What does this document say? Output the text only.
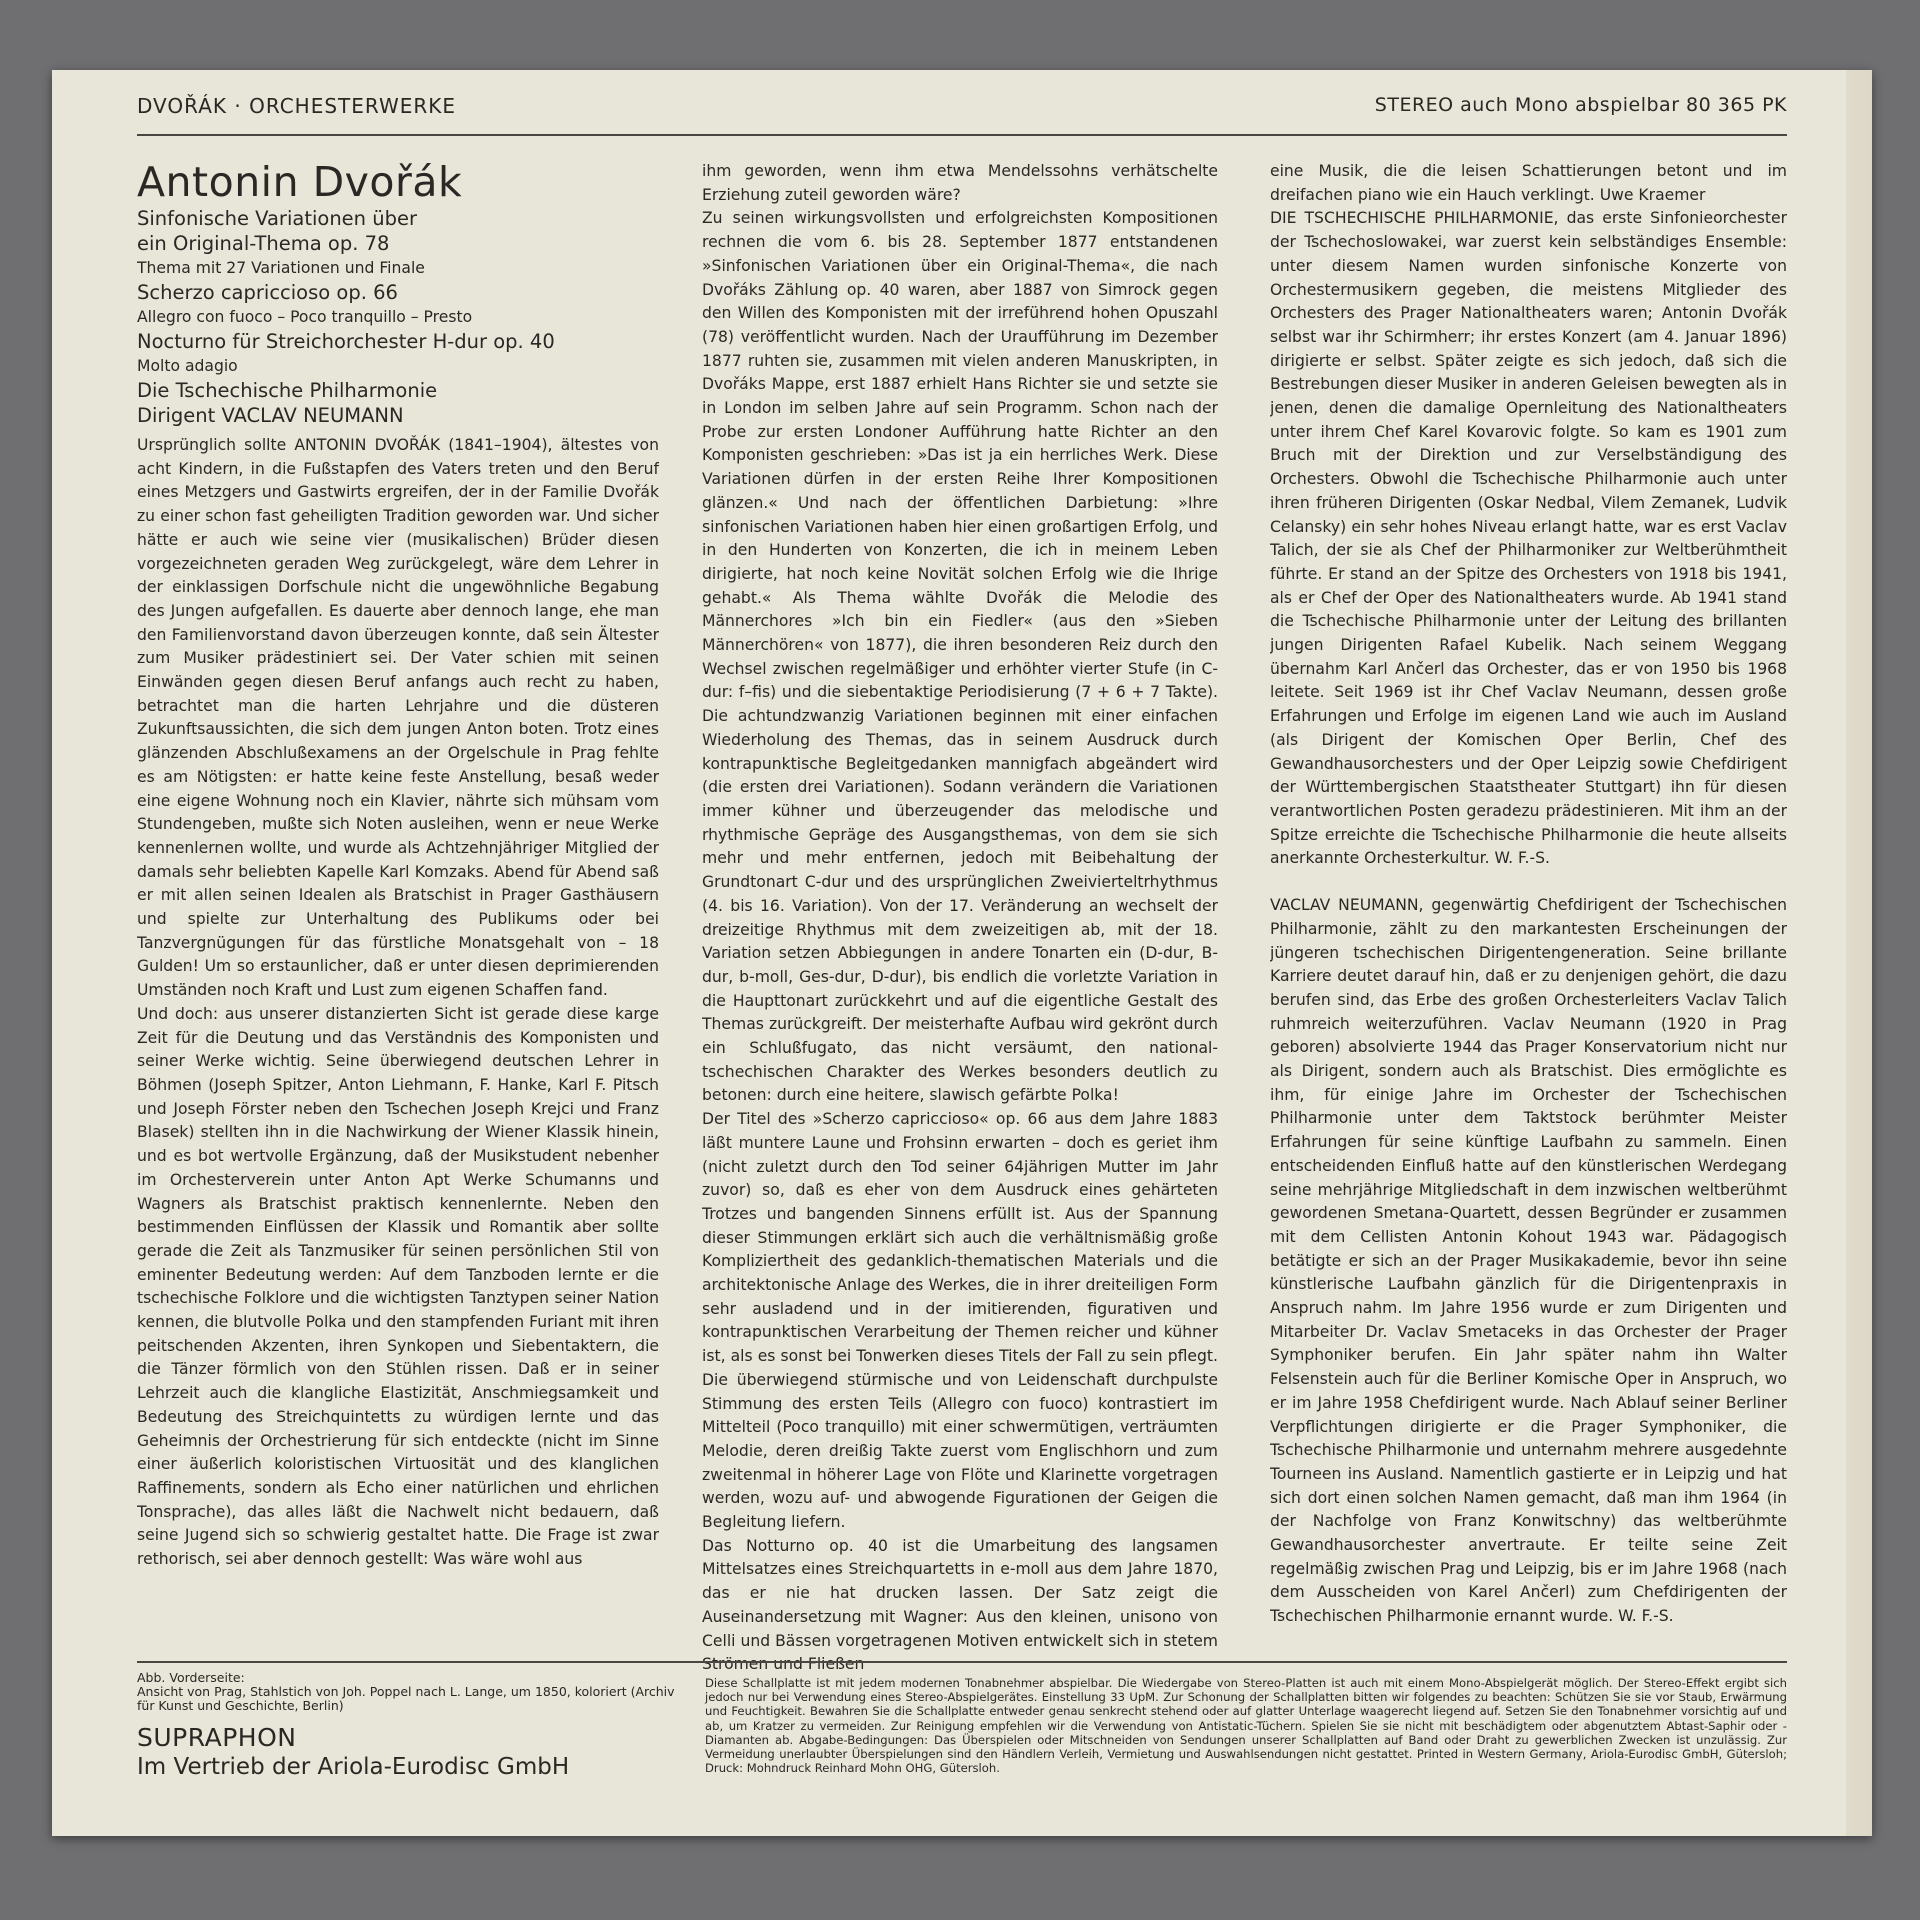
DVOŘÁK · ORCHESTERWERKE	STEREO auch Mono abspielbar 80 365 PK

Antonin Dvořák

Sinfonische Variationen über

ein Original-Thema op. 78

Thema mit 27 Variationen und Finale

Scherzo capriccioso op. 66

Allegro con fuoco – Poco tranquillo – Presto

Nocturno für Streichorchester H-dur op. 40

Molto adagio

Die Tschechische Philharmonie

Dirigent VACLAV NEUMANN

Ursprünglich sollte ANTONIN DVOŘÁK (1841–1904), ältestes von acht Kindern, in die Fußstapfen des Vaters treten und den Beruf eines Metzgers und Gastwirts ergreifen, der in der Familie Dvořák zu einer schon fast geheiligten Tradition geworden war. Und sicher hätte er auch wie seine vier (musikalischen) Brüder diesen vorgezeichneten geraden Weg zurückgelegt, wäre dem Lehrer in der einklassigen Dorfschule nicht die ungewöhnliche Begabung des Jungen aufgefallen. Es dauerte aber dennoch lange, ehe man den Familienvorstand davon überzeugen konnte, daß sein Ältester zum Musiker prädestiniert sei. Der Vater schien mit seinen Einwänden gegen diesen Beruf anfangs auch recht zu haben, betrachtet man die harten Lehrjahre und die düsteren Zukunftsaussichten, die sich dem jungen Anton boten. Trotz eines glänzenden Abschlußexamens an der Orgelschule in Prag fehlte es am Nötigsten: er hatte keine feste Anstellung, besaß weder eine eigene Wohnung noch ein Klavier, nährte sich mühsam vom Stundengeben, mußte sich Noten ausleihen, wenn er neue Werke kennenlernen wollte, und wurde als Achtzehnjähriger Mitglied der damals sehr beliebten Kapelle Karl Komzaks. Abend für Abend saß er mit allen seinen Idealen als Bratschist in Prager Gasthäusern und spielte zur Unterhaltung des Publikums oder bei Tanzvergnügungen für das fürstliche Monatsgehalt von – 18 Gulden! Um so erstaunlicher, daß er unter diesen deprimierenden Umständen noch Kraft und Lust zum eigenen Schaffen fand.

Und doch: aus unserer distanzierten Sicht ist gerade diese karge Zeit für die Deutung und das Verständnis des Komponisten und seiner Werke wichtig. Seine überwiegend deutschen Lehrer in Böhmen (Joseph Spitzer, Anton Liehmann, F. Hanke, Karl F. Pitsch und Joseph Förster neben den Tschechen Joseph Krejci und Franz Blasek) stellten ihn in die Nachwirkung der Wiener Klassik hinein, und es bot wertvolle Ergänzung, daß der Musikstudent nebenher im Orchesterverein unter Anton Apt Werke Schumanns und Wagners als Bratschist praktisch kennenlernte. Neben den bestimmenden Einflüssen der Klassik und Romantik aber sollte gerade die Zeit als Tanzmusiker für seinen persönlichen Stil von eminenter Bedeutung werden: Auf dem Tanzboden lernte er die tschechische Folklore und die wichtigsten Tanztypen seiner Nation kennen, die blutvolle Polka und den stampfenden Furiant mit ihren peitschenden Akzenten, ihren Synkopen und Siebentaktern, die die Tänzer förmlich von den Stühlen rissen. Daß er in seiner Lehrzeit auch die klangliche Elastizität, Anschmiegsamkeit und Bedeutung des Streichquintetts zu würdigen lernte und das Geheimnis der Orchestrierung für sich entdeckte (nicht im Sinne einer äußerlich koloristischen Virtuosität und des klanglichen Raffinements, sondern als Echo einer natürlichen und ehrlichen Tonsprache), das alles läßt die Nachwelt nicht bedauern, daß seine Jugend sich so schwierig gestaltet hatte. Die Frage ist zwar rethorisch, sei aber dennoch gestellt: Was wäre wohl aus

ihm geworden, wenn ihm etwa Mendelssohns verhätschelte Erziehung zuteil geworden wäre?

Zu seinen wirkungsvollsten und erfolgreichsten Kompositionen rechnen die vom 6. bis 28. September 1877 entstandenen »Sinfonischen Variationen über ein Original-Thema«, die nach Dvořáks Zählung op. 40 waren, aber 1887 von Simrock gegen den Willen des Komponisten mit der irreführend hohen Opuszahl (78) veröffentlicht wurden. Nach der Uraufführung im Dezember 1877 ruhten sie, zusammen mit vielen anderen Manuskripten, in Dvořáks Mappe, erst 1887 erhielt Hans Richter sie und setzte sie in London im selben Jahre auf sein Programm. Schon nach der Probe zur ersten Londoner Aufführung hatte Richter an den Komponisten geschrieben: »Das ist ja ein herrliches Werk. Diese Variationen dürfen in der ersten Reihe Ihrer Kompositionen glänzen.« Und nach der öffentlichen Darbietung: »Ihre sinfonischen Variationen haben hier einen großartigen Erfolg, und in den Hunderten von Konzerten, die ich in meinem Leben dirigierte, hat noch keine Novität solchen Erfolg wie die Ihrige gehabt.« Als Thema wählte Dvořák die Melodie des Männerchores »Ich bin ein Fiedler« (aus den »Sieben Männerchören« von 1877), die ihren besonderen Reiz durch den Wechsel zwischen regelmäßiger und erhöhter vierter Stufe (in C-dur: f–fis) und die siebentaktige Periodisierung (7 + 6 + 7 Takte). Die achtundzwanzig Variationen beginnen mit einer einfachen Wiederholung des Themas, das in seinem Ausdruck durch kontrapunktische Begleitgedanken mannigfach abgeändert wird (die ersten drei Variationen). Sodann verändern die Variationen immer kühner und überzeugender das melodische und rhythmische Gepräge des Ausgangsthemas, von dem sie sich mehr und mehr entfernen, jedoch mit Beibehaltung der Grundtonart C-dur und des ursprünglichen Zweivierteltrhythmus (4. bis 16. Variation). Von der 17. Veränderung an wechselt der dreizeitige Rhythmus mit dem zweizeitigen ab, mit der 18. Variation setzen Abbiegungen in andere Tonarten ein (D-dur, B-dur, b-moll, Ges-dur, D-dur), bis endlich die vorletzte Variation in die Haupttonart zurückkehrt und auf die eigentliche Gestalt des Themas zurückgreift. Der meisterhafte Aufbau wird gekrönt durch ein Schlußfugato, das nicht versäumt, den national-tschechischen Charakter des Werkes besonders deutlich zu betonen: durch eine heitere, slawisch gefärbte Polka!

Der Titel des »Scherzo capriccioso« op. 66 aus dem Jahre 1883 läßt muntere Laune und Frohsinn erwarten – doch es geriet ihm (nicht zuletzt durch den Tod seiner 64jährigen Mutter im Jahr zuvor) so, daß es eher von dem Ausdruck eines gehärteten Trotzes und bangenden Sinnens erfüllt ist. Aus der Spannung dieser Stimmungen erklärt sich auch die verhältnismäßig große Kompliziertheit des gedanklich-thematischen Materials und die architektonische Anlage des Werkes, die in ihrer dreiteiligen Form sehr ausladend und in der imitierenden, figurativen und kontrapunktischen Verarbeitung der Themen reicher und kühner ist, als es sonst bei Tonwerken dieses Titels der Fall zu sein pflegt. Die überwiegend stürmische und von Leidenschaft durchpulste Stimmung des ersten Teils (Allegro con fuoco) kontrastiert im Mittelteil (Poco tranquillo) mit einer schwermütigen, verträumten Melodie, deren dreißig Takte zuerst vom Englischhorn und zum zweitenmal in höherer Lage von Flöte und Klarinette vorgetragen werden, wozu auf- und abwogende Figurationen der Geigen die Begleitung liefern.

Das Notturno op. 40 ist die Umarbeitung des langsamen Mittelsatzes eines Streichquartetts in e-moll aus dem Jahre 1870, das er nie hat drucken lassen. Der Satz zeigt die Auseinandersetzung mit Wagner: Aus den kleinen, unisono von Celli und Bässen vorgetragenen Motiven entwickelt sich in stetem Strömen und Fließen

eine Musik, die die leisen Schattierungen betont und im dreifachen piano wie ein Hauch verklingt. Uwe Kraemer

DIE TSCHECHISCHE PHILHARMONIE, das erste Sinfonieorchester der Tschechoslowakei, war zuerst kein selbständiges Ensemble: unter diesem Namen wurden sinfonische Konzerte von Orchestermusikern gegeben, die meistens Mitglieder des Orchesters des Prager Nationaltheaters waren; Antonin Dvořák selbst war ihr Schirmherr; ihr erstes Konzert (am 4. Januar 1896) dirigierte er selbst. Später zeigte es sich jedoch, daß sich die Bestrebungen dieser Musiker in anderen Geleisen bewegten als in jenen, denen die damalige Opernleitung des Nationaltheaters unter ihrem Chef Karel Kovarovic folgte. So kam es 1901 zum Bruch mit der Direktion und zur Verselbständigung des Orchesters. Obwohl die Tschechische Philharmonie auch unter ihren früheren Dirigenten (Oskar Nedbal, Vilem Zemanek, Ludvik Celansky) ein sehr hohes Niveau erlangt hatte, war es erst Vaclav Talich, der sie als Chef der Philharmoniker zur Weltberühmtheit führte. Er stand an der Spitze des Orchesters von 1918 bis 1941, als er Chef der Oper des Nationaltheaters wurde. Ab 1941 stand die Tschechische Philharmonie unter der Leitung des brillanten jungen Dirigenten Rafael Kubelik. Nach seinem Weggang übernahm Karl Ančerl das Orchester, das er von 1950 bis 1968 leitete. Seit 1969 ist ihr Chef Vaclav Neumann, dessen große Erfahrungen und Erfolge im eigenen Land wie auch im Ausland (als Dirigent der Komischen Oper Berlin, Chef des Gewandhausorchesters und der Oper Leipzig sowie Chefdirigent der Württembergischen Staatstheater Stuttgart) ihn für diesen verantwortlichen Posten geradezu prädestinieren. Mit ihm an der Spitze erreichte die Tschechische Philharmonie die heute allseits anerkannte Orchesterkultur. W. F.-S.

VACLAV NEUMANN, gegenwärtig Chefdirigent der Tschechischen Philharmonie, zählt zu den markantesten Erscheinungen der jüngeren tschechischen Dirigentengeneration. Seine brillante Karriere deutet darauf hin, daß er zu denjenigen gehört, die dazu berufen sind, das Erbe des großen Orchesterleiters Vaclav Talich ruhmreich weiterzuführen. Vaclav Neumann (1920 in Prag geboren) absolvierte 1944 das Prager Konservatorium nicht nur als Dirigent, sondern auch als Bratschist. Dies ermöglichte es ihm, für einige Jahre im Orchester der Tschechischen Philharmonie unter dem Taktstock berühmter Meister Erfahrungen für seine künftige Laufbahn zu sammeln. Einen entscheidenden Einfluß hatte auf den künstlerischen Werdegang seine mehrjährige Mitgliedschaft in dem inzwischen weltberühmt gewordenen Smetana-Quartett, dessen Begründer er zusammen mit dem Cellisten Antonin Kohout 1943 war. Pädagogisch betätigte er sich an der Prager Musikakademie, bevor ihn seine künstlerische Laufbahn gänzlich für die Dirigentenpraxis in Anspruch nahm. Im Jahre 1956 wurde er zum Dirigenten und Mitarbeiter Dr. Vaclav Smetaceks in das Orchester der Prager Symphoniker berufen. Ein Jahr später nahm ihn Walter Felsenstein auch für die Berliner Komische Oper in Anspruch, wo er im Jahre 1958 Chefdirigent wurde. Nach Ablauf seiner Berliner Verpflichtungen dirigierte er die Prager Symphoniker, die Tschechische Philharmonie und unternahm mehrere ausgedehnte Tourneen ins Ausland. Namentlich gastierte er in Leipzig und hat sich dort einen solchen Namen gemacht, daß man ihm 1964 (in der Nachfolge von Franz Konwitschny) das weltberühmte Gewandhausorchester anvertraute. Er teilte seine Zeit regelmäßig zwischen Prag und Leipzig, bis er im Jahre 1968 (nach dem Ausscheiden von Karel Ančerl) zum Chefdirigenten der Tschechischen Philharmonie ernannt wurde. W. F.-S.

Abb. Vorderseite:

Ansicht von Prag, Stahlstich von Joh. Poppel nach L. Lange, um 1850, koloriert (Archiv für Kunst und Geschichte, Berlin)

SUPRAPHON

Im Vertrieb der Ariola-Eurodisc GmbH

Diese Schallplatte ist mit jedem modernen Tonabnehmer abspielbar. Die Wiedergabe von Stereo-Platten ist auch mit einem Mono-Abspielgerät möglich. Der Stereo-Effekt ergibt sich jedoch nur bei Verwendung eines Stereo-Abspielgerätes. Einstellung 33 UpM. Zur Schonung der Schallplatten bitten wir folgendes zu beachten: Schützen Sie sie vor Staub, Erwärmung und Feuchtigkeit. Bewahren Sie die Schallplatte entweder genau senkrecht stehend oder auf glatter Unterlage waagerecht liegend auf. Setzen Sie den Tonabnehmer vorsichtig auf und ab, um Kratzer zu vermeiden. Zur Reinigung empfehlen wir die Verwendung von Antistatic-Tüchern. Spielen Sie sie nicht mit beschädigtem oder abgenutztem Abtast-Saphir oder -Diamanten ab. Abgabe-Bedingungen: Das Überspielen oder Mitschneiden von Sendungen unserer Schallplatten auf Band oder Draht zu gewerblichen Zwecken ist unzulässig. Zur Vermeidung unerlaubter Überspielungen sind den Händlern Verleih, Vermietung und Auswahlsendungen nicht gestattet. Printed in Western Germany, Ariola-Eurodisc GmbH, Gütersloh; Druck: Mohndruck Reinhard Mohn OHG, Gütersloh.
